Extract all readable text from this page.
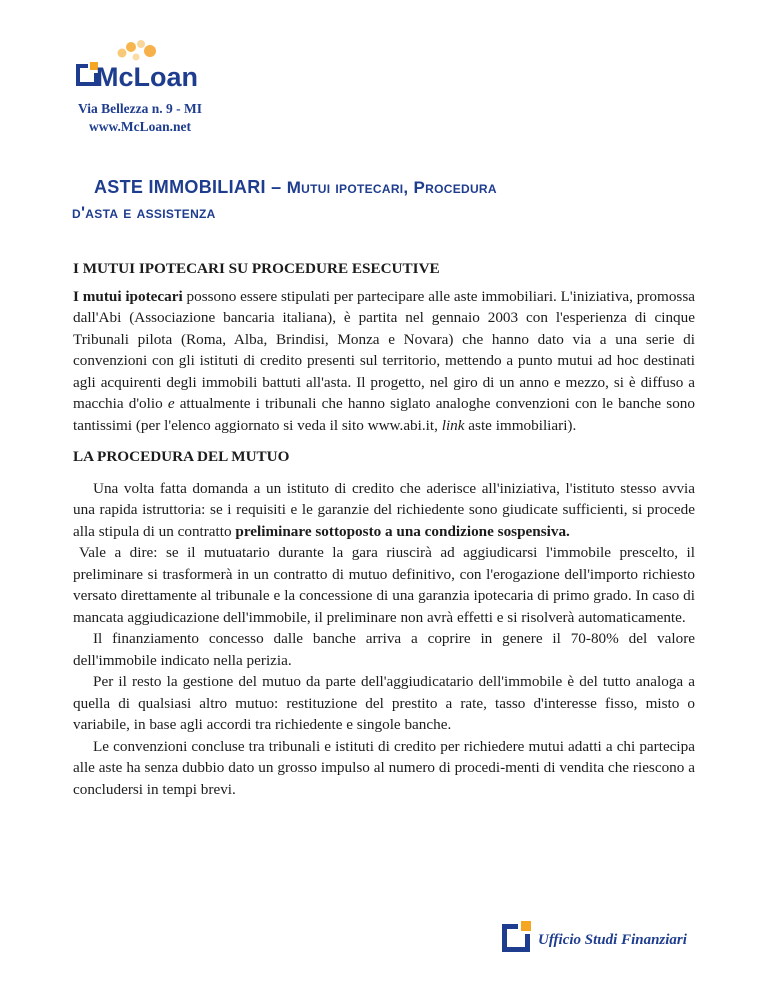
McLoan
Via Bellezza n. 9 - MI
www.McLoan.net
ASTE IMMOBILIARI – Mutui ipotecari, Procedura
d'asta e assistenza
I MUTUI IPOTECARI SU PROCEDURE ESECUTIVE

I mutui ipotecari possono essere stipulati per partecipare alle aste immobiliari. L'iniziativa, promossa dall'Abi (Associazione bancaria italiana), è partita nel gennaio 2003 con l'esperienza di cinque Tribunali pilota (Roma, Alba, Brindisi, Monza e Novara) che hanno dato via a una serie di convenzioni con gli istituti di credito presenti sul territorio, mettendo a punto mutui ad hoc destinati agli acquirenti degli immobili battuti all'asta. Il progetto, nel giro di un anno e mezzo, si è diffuso a macchia d'olio e attualmente i tribunali che hanno siglato analoghe convenzioni con le banche sono tantissimi (per l'elenco aggiornato si veda il sito www.abi.it, link aste immobiliari).

LA PROCEDURA DEL MUTUO

Una volta fatta domanda a un istituto di credito che aderisce all'iniziativa, l'istituto stesso avvia una rapida istruttoria: se i requisiti e le garanzie del richiedente sono giudicate sufficienti, si procede alla stipula di un contratto preliminare sottoposto a una condizione sospensiva.

Vale a dire: se il mutuatario durante la gara riuscirà ad aggiudicarsi l'immobile prescelto, il preliminare si trasformerà in un contratto di mutuo definitivo, con l'erogazione dell'importo richiesto versato direttamente al tribunale e la concessione di una garanzia ipotecaria di primo grado. In caso di mancata aggiudicazione dell'immobile, il preliminare non avrà effetti e si risolverà automaticamente.

Il finanziamento concesso dalle banche arriva a coprire in genere il 70-80% del valore dell'immobile indicato nella perizia.

Per il resto la gestione del mutuo da parte dell'aggiudicatario dell'immobile è del tutto analoga a quella di qualsiasi altro mutuo: restituzione del prestito a rate, tasso d'interesse fisso, misto o variabile, in base agli accordi tra richiedente e singole banche.

Le convenzioni concluse tra tribunali e istituti di credito per richiedere mutui adatti a chi partecipa alle aste ha senza dubbio dato un grosso impulso al numero di procedi-menti di vendita che riescono a concludersi in tempi brevi.

Ufficio Studi Finanziari
